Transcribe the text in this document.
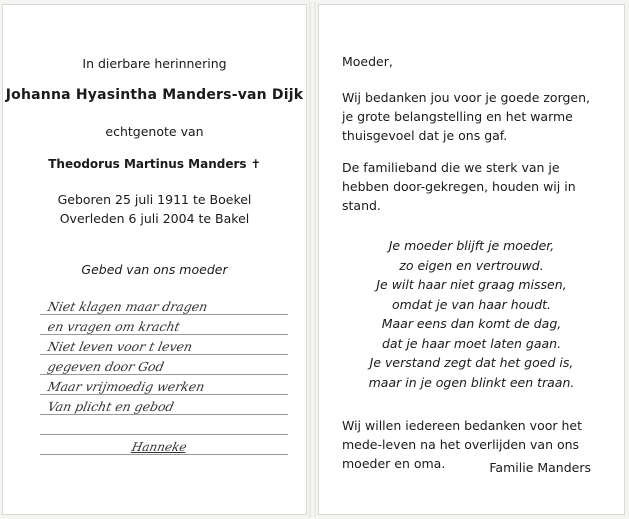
In dierbare herinnering
Johanna Hyasintha Manders-van Dijk
echtgenote van
Theodorus Martinus Manders ✝
Geboren 25 juli 1911 te Boekel
Overleden 6 juli 2004 te Bakel
Gebed van ons moeder
Niet klagen maar dragen
en vragen om kracht
Niet leven voor t leven
gegeven door God
Maar vrijmoedig werken
Van plicht en gebod
Hanneke
Moeder,
Wij bedanken jou voor je goede zorgen, je grote belangstelling en het warme thuisgevoel dat je ons gaf.
De familieband die we sterk van je hebben door-gekregen, houden wij in stand.
Je moeder blijft je moeder,
zo eigen en vertrouwd.
Je wilt haar niet graag missen,
omdat je van haar houdt.
Maar eens dan komt de dag,
dat je haar moet laten gaan.
Je verstand zegt dat het goed is,
maar in je ogen blinkt een traan.
Wij willen iedereen bedanken voor het mede-leven na het overlijden van ons moeder en oma.	Familie Manders
